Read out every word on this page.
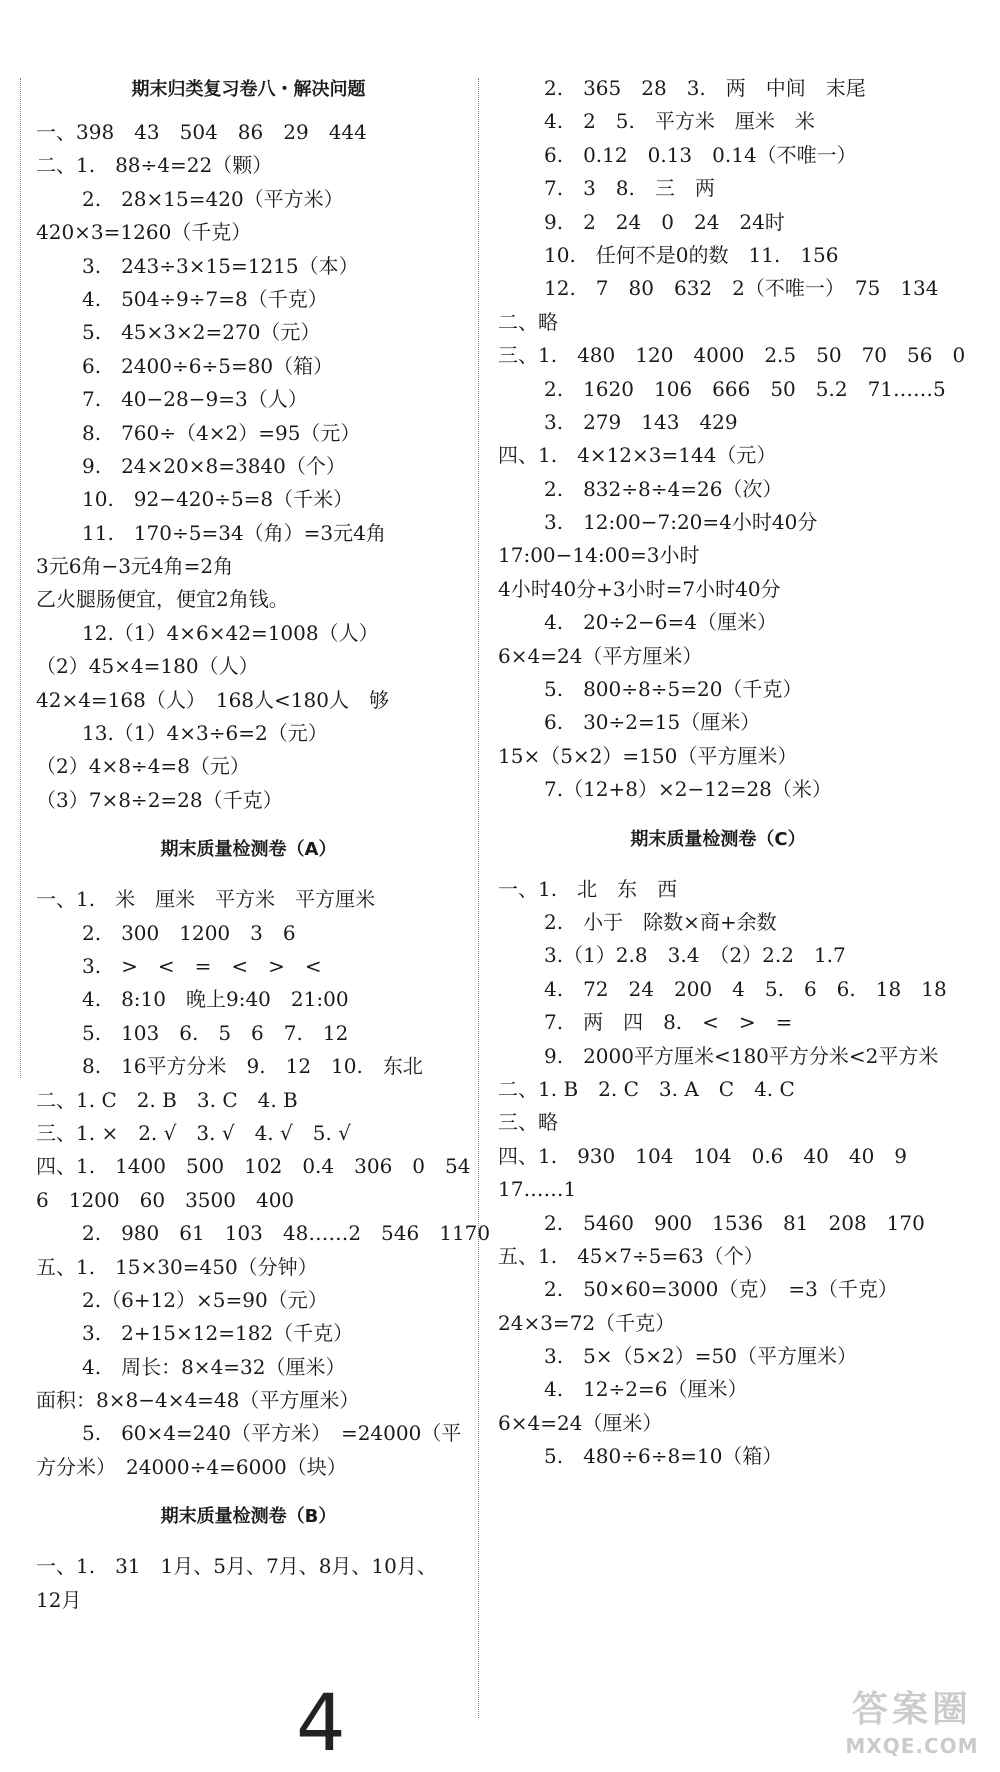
期末归类复习卷八・解决问题
一、398　43　504　86　29　444
二、1.　88÷4=22（颗）
2.　28×15=420（平方米）
420×3=1260（千克）
3.　243÷3×15=1215（本）
4.　504÷9÷7=8（千克）
5.　45×3×2=270（元）
6.　2400÷6÷5=80（箱）
7.　40−28−9=3（人）
8.　760÷（4×2）=95（元）
9.　24×20×8=3840（个）
10.　92−420÷5=8（千米）
11.　170÷5=34（角）=3元4角
3元6角−3元4角=2角
乙火腿肠便宜，便宜2角钱。
12.（1）4×6×42=1008（人）
（2）45×4=180（人）
42×4=168（人）　168人<180人　够
13.（1）4×3÷6=2（元）
（2）4×8÷4=8（元）
（3）7×8÷2=28（千克）
期末质量检测卷（A）
一、1.　米　厘米　平方米　平方厘米
2.　300　1200　3　6
3.　>　<　=　<　>　<
4.　8:10　晚上9:40　21:00
5.　103　6.　5　6　7.　12
8.　16平方分米　9.　12　10.　东北
二、1. C　2. B　3. C　4. B
三、1. ×　2. √　3. √　4. √　5. √
四、1.　1400　500　102　0.4　306　0　54
6　1200　60　3500　400
2.　980　61　103　48……2　546　1170
五、1.　15×30=450（分钟）
2.（6+12）×5=90（元）
3.　2+15×12=182（千克）
4.　周长：8×4=32（厘米）
面积：8×8−4×4=48（平方厘米）
5.　60×4=240（平方米）　=24000（平
方分米）　24000÷4=6000（块）
期末质量检测卷（B）
一、1.　31　1月、5月、7月、8月、10月、
12月
2.　365　28　3.　两　中间　末尾
4.　2　5.　平方米　厘米　米
6.　0.12　0.13　0.14（不唯一）
7.　3　8.　三　两
9.　2　24　0　24　24时
10.　任何不是0的数　11.　156
12.　7　80　632　2（不唯一）　75　134
二、略
三、1.　480　120　4000　2.5　50　70　56　0
2.　1620　106　666　50　5.2　71……5
3.　279　143　429
四、1.　4×12×3=144（元）
2.　832÷8÷4=26（次）
3.　12:00−7:20=4小时40分
17:00−14:00=3小时
4小时40分+3小时=7小时40分
4.　20÷2−6=4（厘米）
6×4=24（平方厘米）
5.　800÷8÷5=20（千克）
6.　30÷2=15（厘米）
15×（5×2）=150（平方厘米）
7.（12+8）×2−12=28（米）
期末质量检测卷（C）
一、1.　北　东　西
2.　小于　除数×商+余数
3.（1）2.8　3.4　（2）2.2　1.7
4.　72　24　200　4　5.　6　6.　18　18
7.　两　四　8.　<　>　=
9.　2000平方厘米<180平方分米<2平方米
二、1. B　2. C　3. A　C　4. C
三、略
四、1.　930　104　104　0.6　40　40　9
17……1
2.　5460　900　1536　81　208　170
五、1.　45×7÷5=63（个）
2.　50×60=3000（克）　=3（千克）
24×3=72（千克）
3.　5×（5×2）=50（平方厘米）
4.　12÷2=6（厘米）
6×4=24（厘米）
5.　480÷6÷8=10（箱）
4	答案圈
MXQE.COM
